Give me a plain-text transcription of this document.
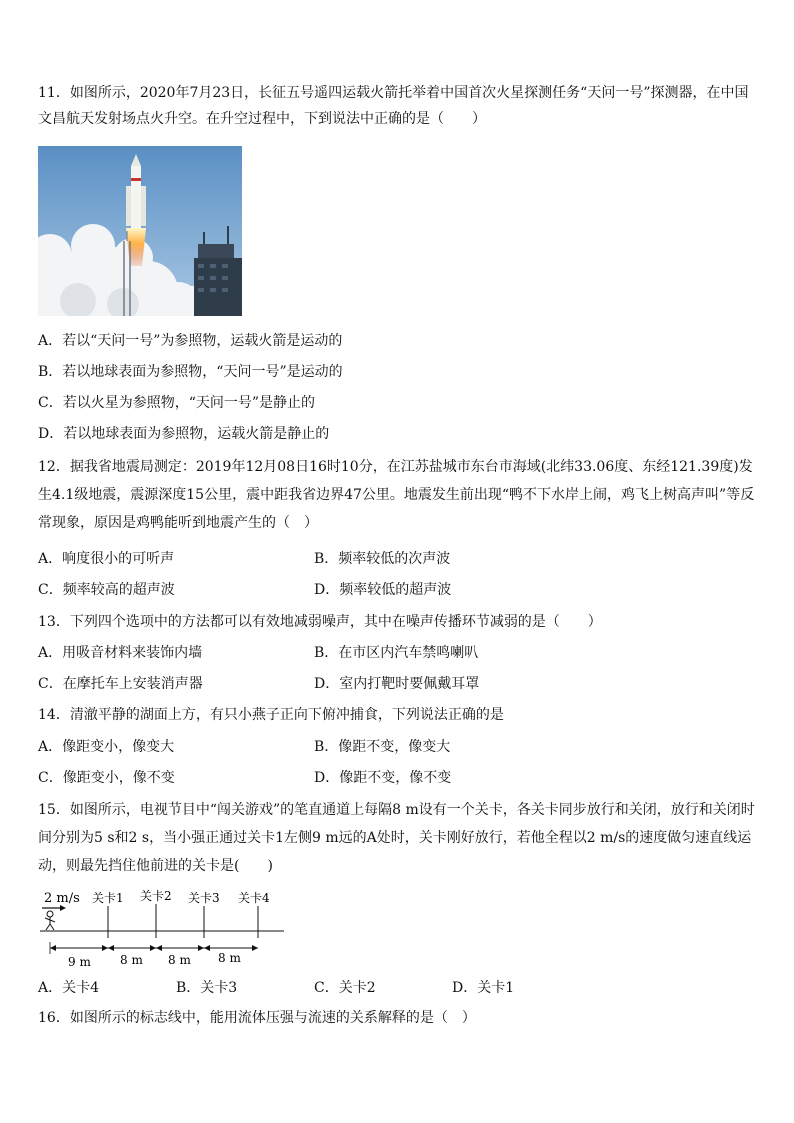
11．如图所示，2020年7月23日，长征五号遥四运载火箭托举着中国首次火星探测任务“天问一号”探测器，在中国文昌航天发射场点火升空。在升空过程中，下到说法中正确的是（　　）

A．若以“天问一号”为参照物，运载火箭是运动的
B．若以地球表面为参照物，“天问一号”是运动的
C．若以火星为参照物，“天问一号”是静止的
D．若以地球表面为参照物，运载火箭是静止的

12．据我省地震局测定：2019年12月08日16时10分，在江苏盐城市东台市海域(北纬33.06度、东经121.39度)发生4.1级地震，震源深度15公里，震中距我省边界47公里。地震发生前出现“鸭不下水岸上闹，鸡飞上树高声叫”等反常现象，原因是鸡鸭能听到地震产生的（　）

A．响度很小的可听声	B．频率较低的次声波
C．频率较高的超声波	D．频率较低的超声波
13．下列四个选项中的方法都可以有效地减弱噪声，其中在噪声传播环节减弱的是（　　）
A．用吸音材料来装饰内墙	B．在市区内汽车禁鸣喇叭
C．在摩托车上安装消声器	D．室内打靶时要佩戴耳罩
14．清澈平静的湖面上方，有只小燕子正向下俯冲捕食，下列说法正确的是
A．像距变小，像变大	B．像距不变，像变大
C．像距变小，像不变	D．像距不变，像不变

15．如图所示，电视节目中“闯关游戏”的笔直通道上每隔8 m设有一个关卡，各关卡同步放行和关闭，放行和关闭时间分别为5 s和2 s，当小强正通过关卡1左侧9 m远的A处时，关卡刚好放行，若他全程以2 m/s的速度做匀速直线运动，则最先挡住他前进的关卡是(　　)

2 m/s 关卡1 关卡2 关卡3 关卡4
9 m 8 m 8 m 8 m
A．关卡4	B．关卡3	C．关卡2	D．关卡1
16．如图所示的标志线中，能用流体压强与流速的关系解释的是（　）
